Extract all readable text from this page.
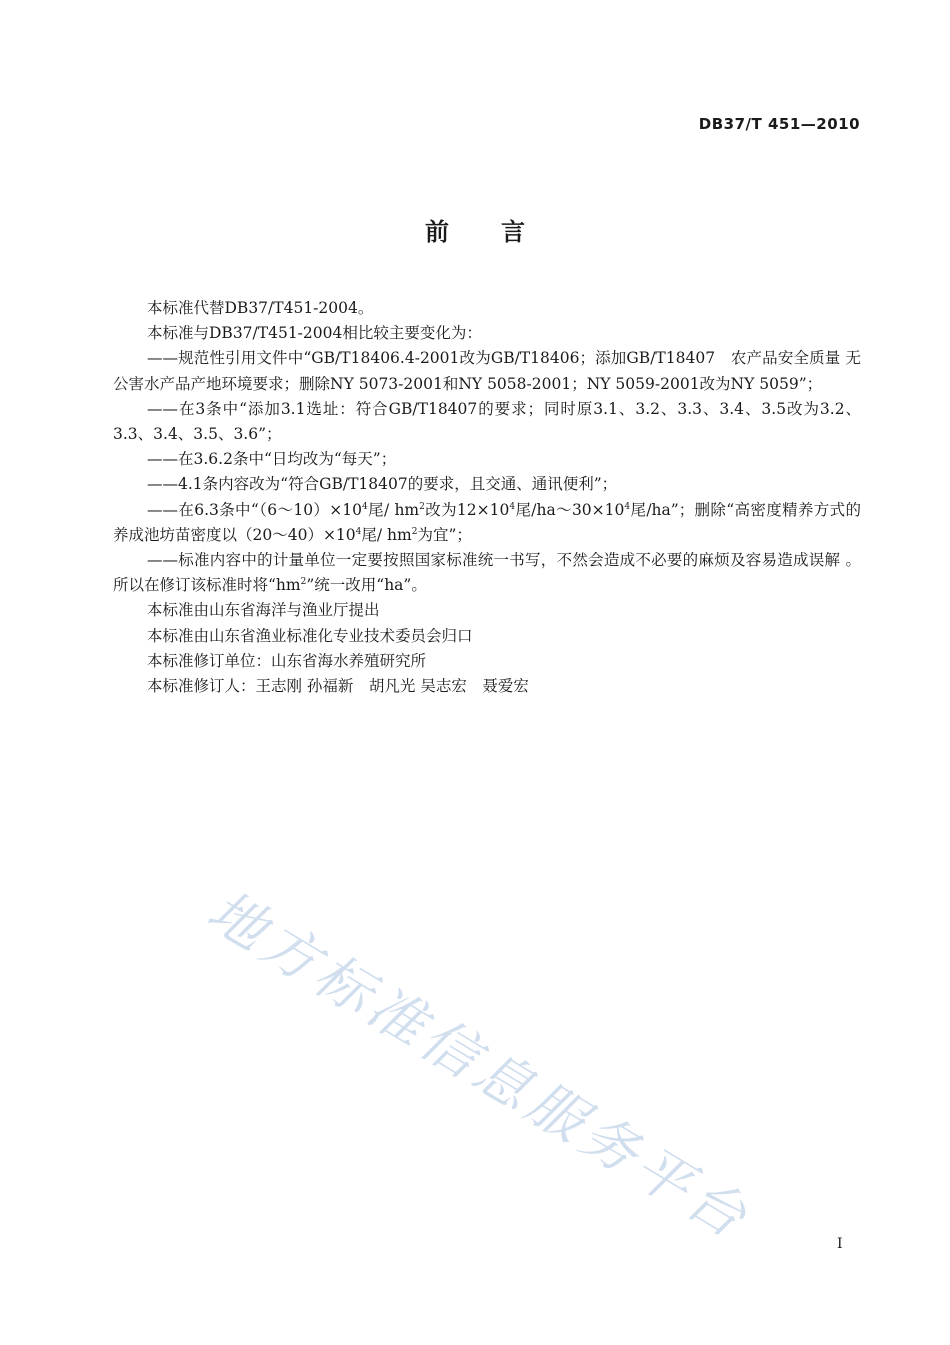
DB37/T 451—2010
前言

本标准代替DB37/T451-2004。

本标准与DB37/T451-2004相比较主要变化为：

——规范性引用文件中“GB/T18406.4-2001改为GB/T18406；添加GB/T18407　农产品安全质量 无公害水产品产地环境要求；删除NY 5073-2001和NY 5058-2001；NY 5059-2001改为NY 5059”；

——在3条中“添加3.1选址：符合GB/T18407的要求；同时原3.1、3.2、3.3、3.4、3.5改为3.2、3.3、3.4、3.5、3.6”；

——在3.6.2条中“日均改为“每天”；

——4.1条内容改为“符合GB/T18407的要求，且交通、通讯便利”；

——在6.3条中“$(6\sim 10)\times 10^4$尾/ $hm^2$改为$12\times 10^4$尾$/ha\sim 30\times 10^4$尾/ha”；删除“高密度精养方式的养成池坊苗密度以$(20\sim 40)\times 10^4$尾/ $hm^2$为宜”；

——标准内容中的计量单位一定要按照国家标准统一书写，不然会造成不必要的麻烦及容易造成误解 。所以在修订该标准时将“$hm^2$”统一改用“ha”。

本标准由山东省海洋与渔业厅提出

本标准由山东省渔业标准化专业技术委员会归口

本标准修订单位：山东省海水养殖研究所

本标准修订人：王志刚 孙福新　胡凡光 吴志宏　聂爱宏

地方标准信息服务平台	I
